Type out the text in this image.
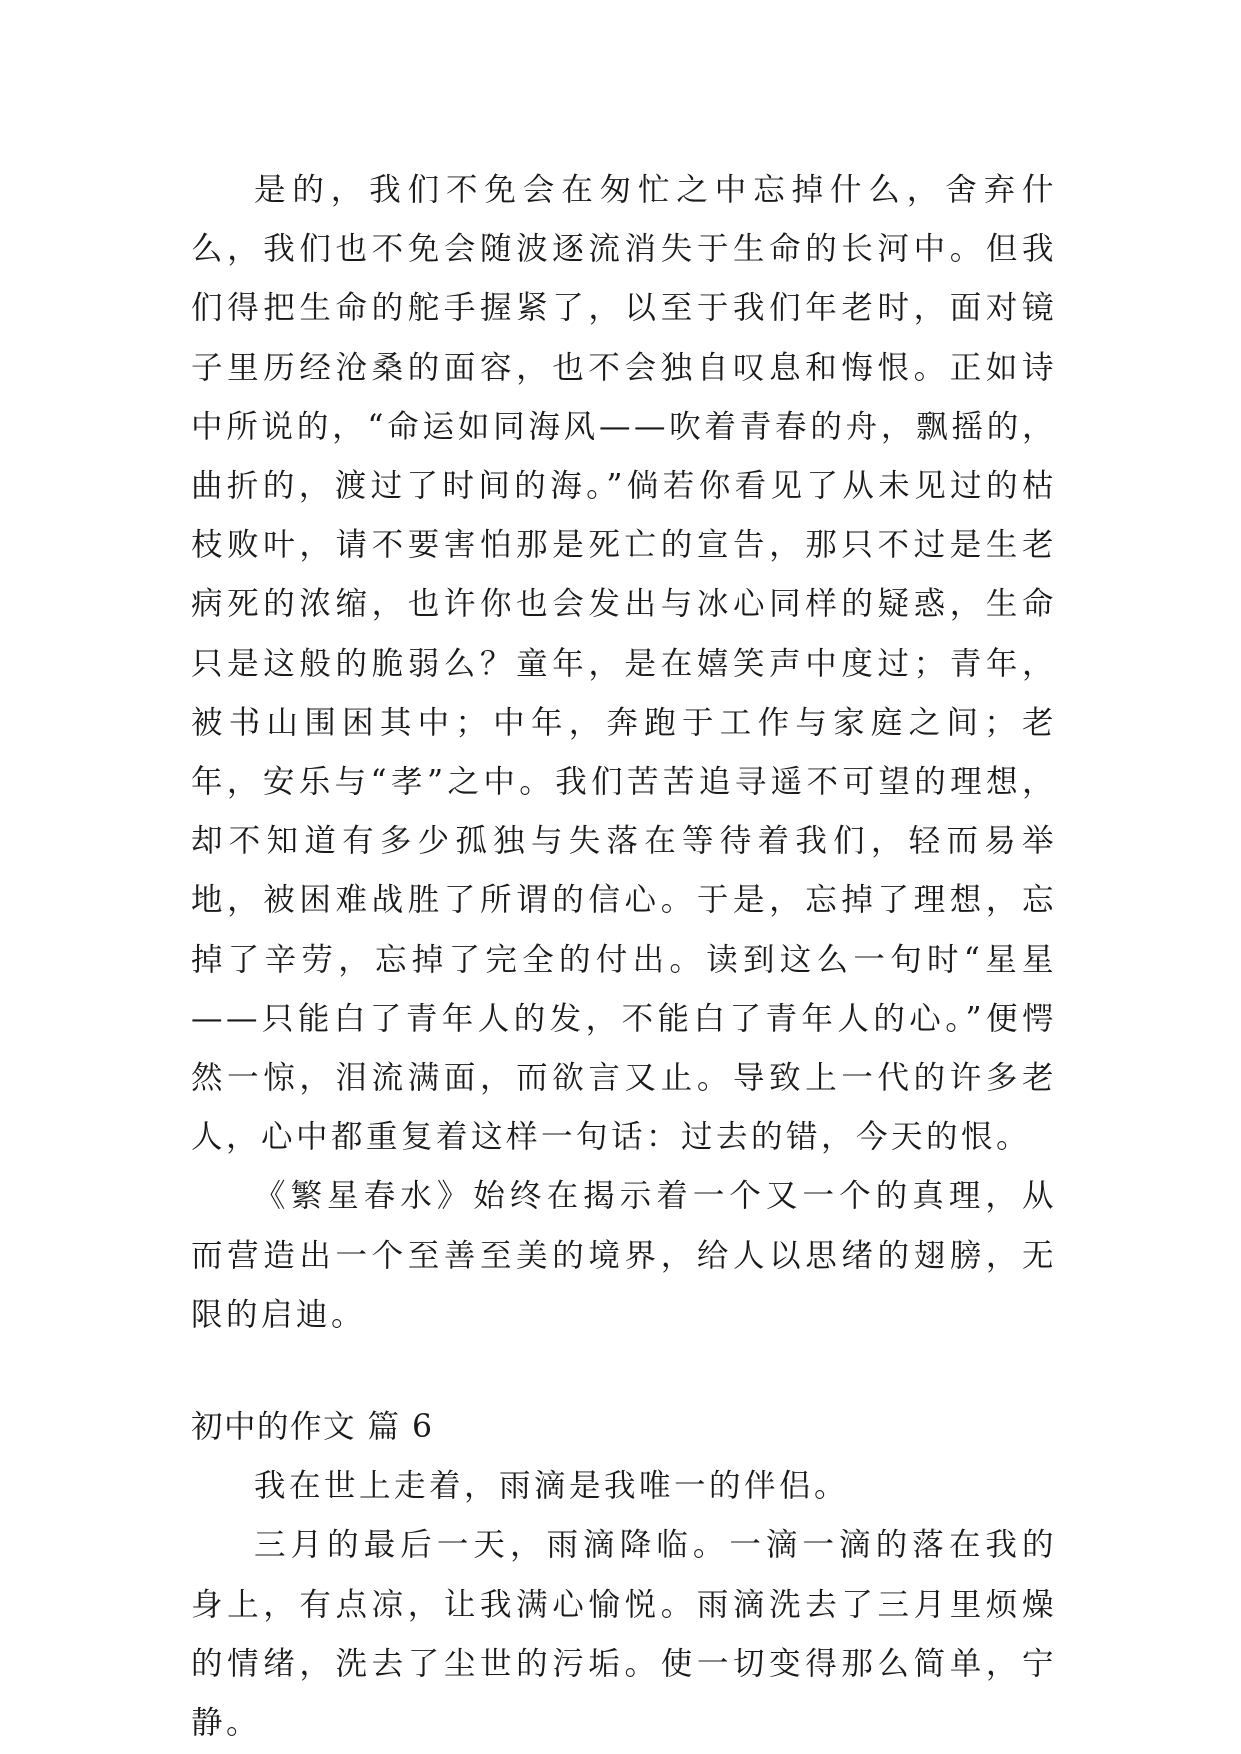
是的，我们不免会在匆忙之中忘掉什么，舍弃什么，我们也不免会随波逐流消失于生命的长河中。但我们得把生命的舵手握紧了，以至于我们年老时，面对镜子里历经沧桑的面容，也不会独自叹息和悔恨。正如诗中所说的，“命运如同海风——吹着青春的舟，飘摇的，曲折的，渡过了时间的海。”倘若你看见了从未见过的枯枝败叶，请不要害怕那是死亡的宣告，那只不过是生老病死的浓缩，也许你也会发出与冰心同样的疑惑，生命只是这般的脆弱么？童年，是在嬉笑声中度过；青年，被书山围困其中；中年，奔跑于工作与家庭之间；老年，安乐与“孝”之中。我们苦苦追寻遥不可望的理想，却不知道有多少孤独与失落在等待着我们，轻而易举地，被困难战胜了所谓的信心。于是，忘掉了理想，忘掉了辛劳，忘掉了完全的付出。读到这么一句时“星星——只能白了青年人的发，不能白了青年人的心。”便愕然一惊，泪流满面，而欲言又止。导致上一代的许多老人，心中都重复着这样一句话：过去的错，今天的恨。

《繁星春水》始终在揭示着一个又一个的真理，从而营造出一个至善至美的境界，给人以思绪的翅膀，无限的启迪。

初中的作文 篇 6

我在世上走着，雨滴是我唯一的伴侣。

三月的最后一天，雨滴降临。一滴一滴的落在我的身上，有点凉，让我满心愉悦。雨滴洗去了三月里烦燥的情绪，洗去了尘世的污垢。使一切变得那么简单，宁静。
